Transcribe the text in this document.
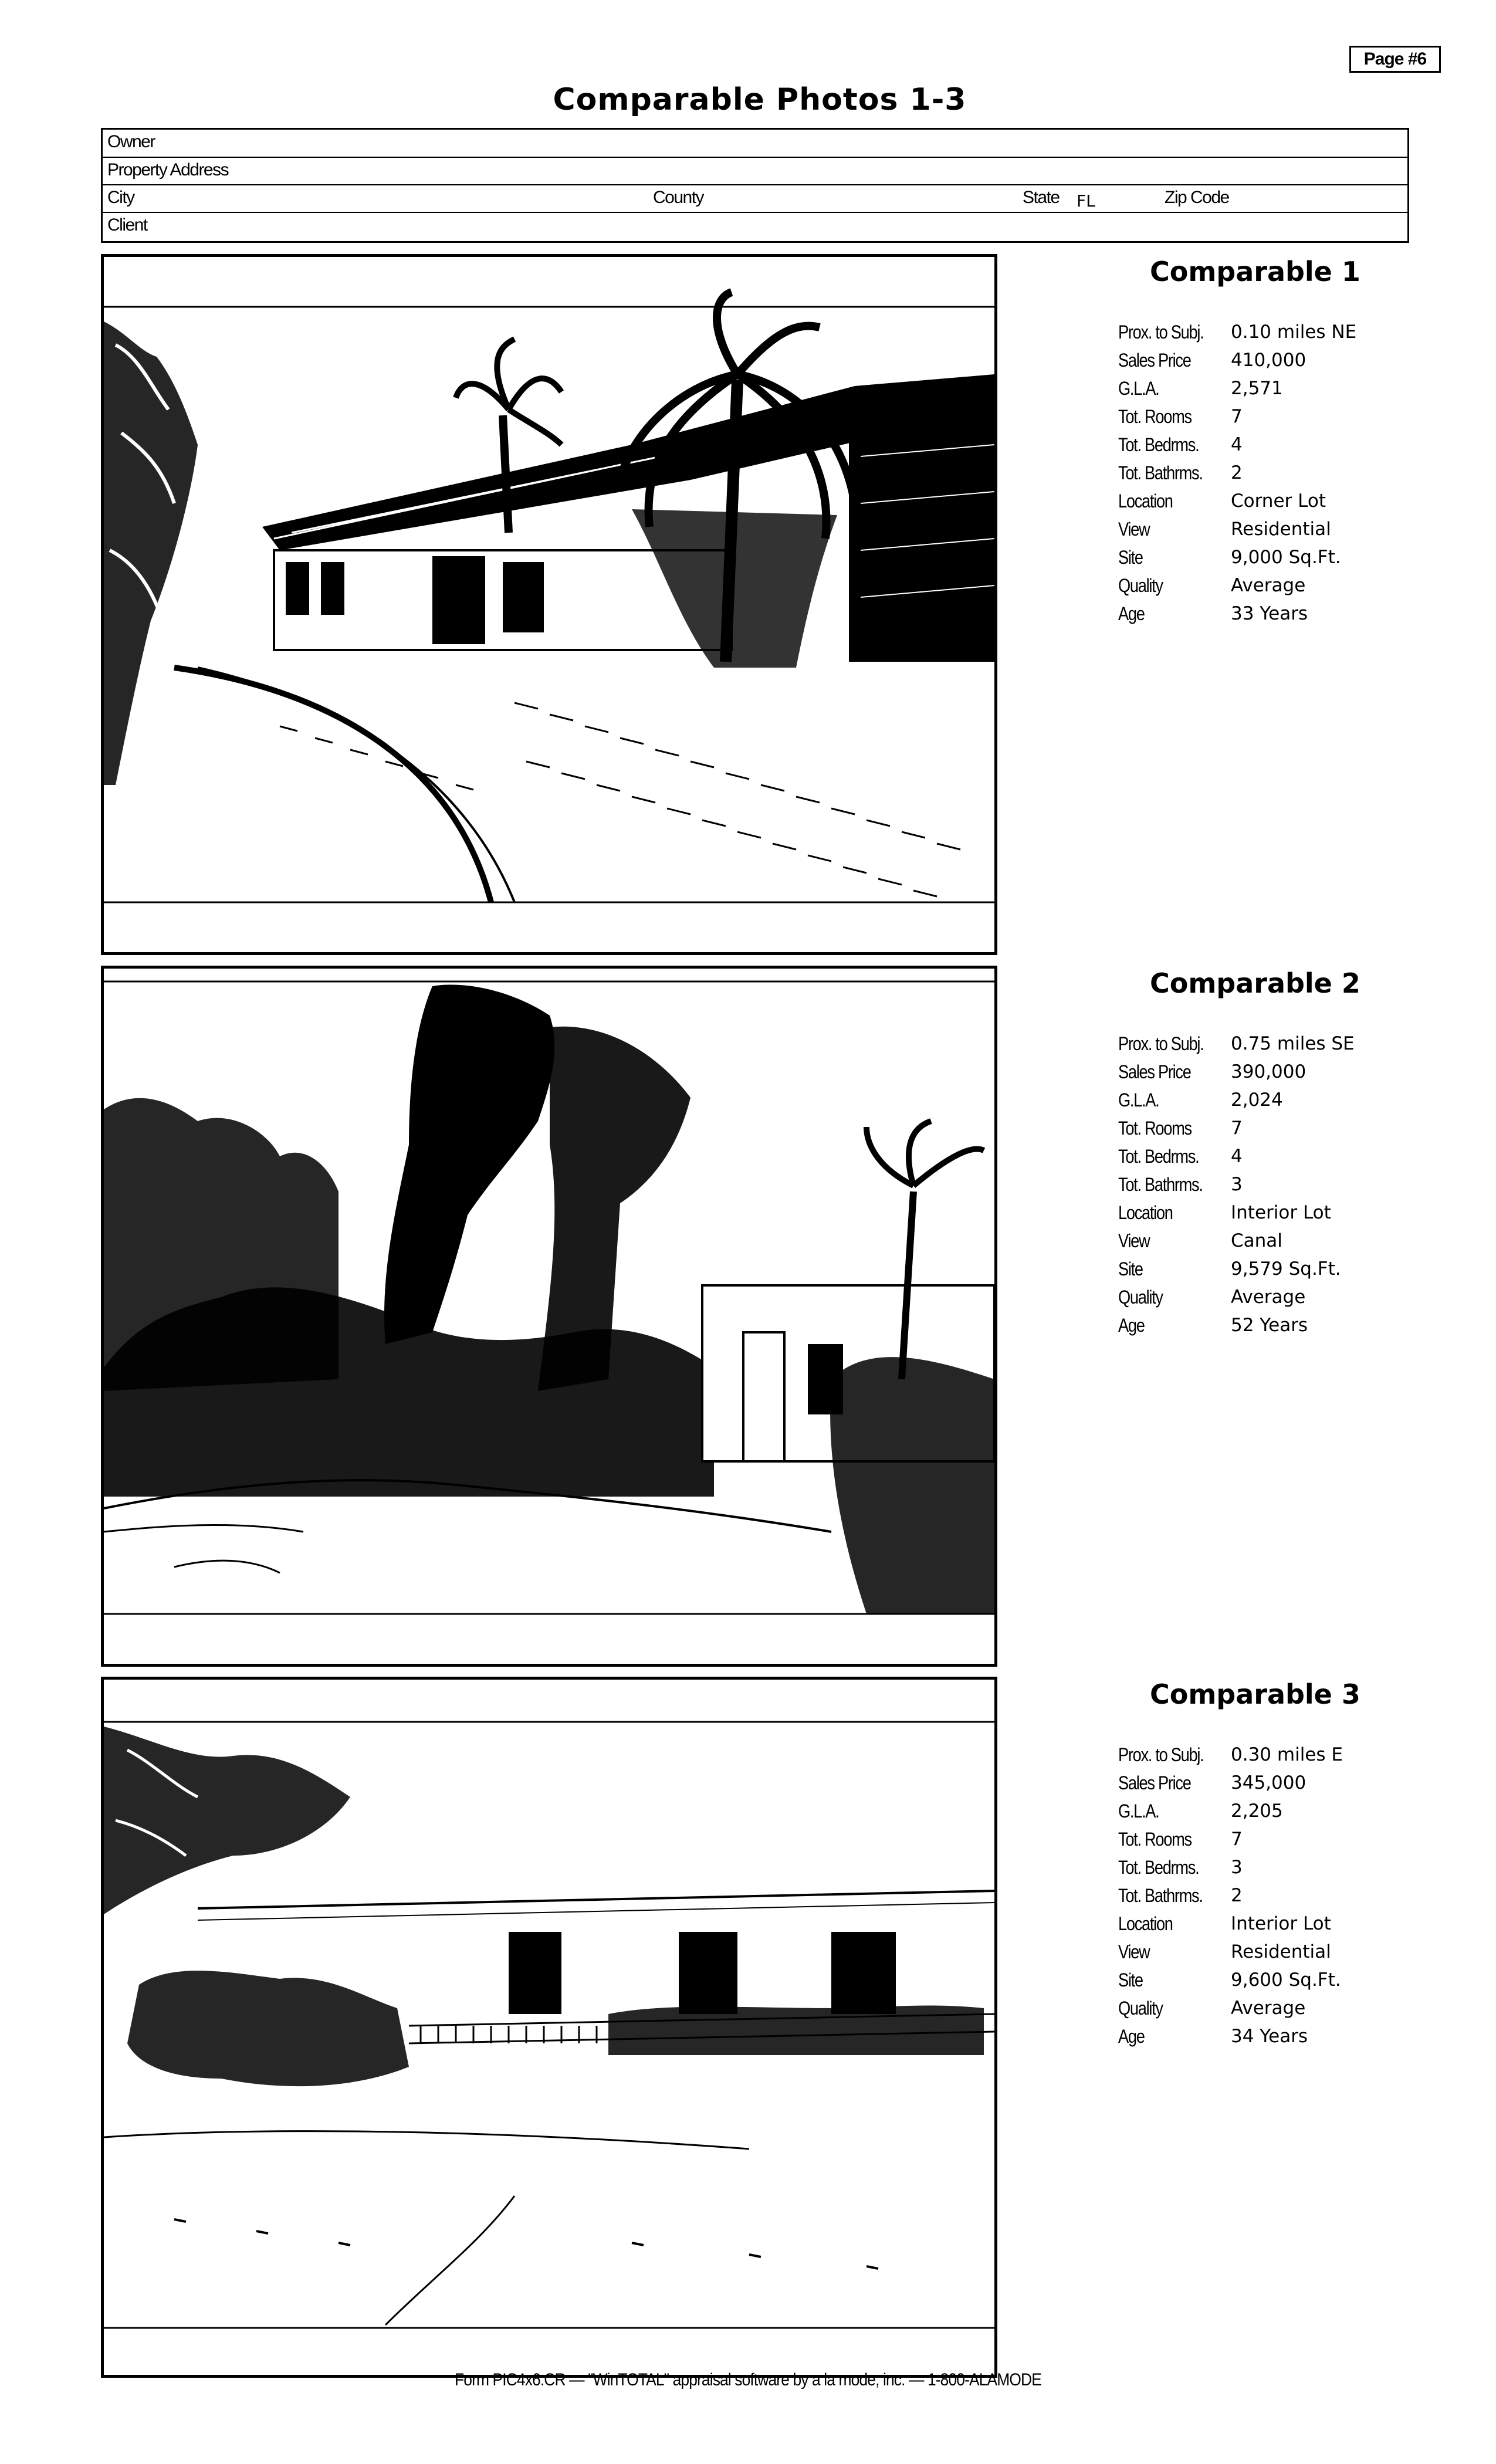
Page #6
Comparable Photos 1-3
Owner
Property Address
City	County	State FL	Zip Code
Client
Comparable 1
Prox. to Subj. 0.10 miles NE
Sales Price 410,000
G.L.A.	2,571
Tot. Rooms 7
Tot. Bedrms. 4
Tot. Bathrms. 2
Location	Corner Lot
View	Residential
Site	9,000 Sq.Ft.
Quality	Average
Age	33 Years
Comparable 2
Prox. to Subj. 0.75 miles SE
Sales Price 390,000
G.L.A.	2,024
Tot. Rooms 7
Tot. Bedrms. 4
Tot. Bathrms. 3
Location	Interior Lot
View	Canal
Site	9,579 Sq.Ft.
Quality	Average
Age	52 Years
Comparable 3
Prox. to Subj. 0.30 miles E
Sales Price 345,000
G.L.A.	2,205
Tot. Rooms 7
Tot. Bedrms. 3
Tot. Bathrms. 2
Location	Interior Lot
View	Residential
Site	9,600 Sq.Ft.
Quality	Average
Age	34 Years
Form PIC4x6.CR — "WinTOTAL" appraisal software by a la mode, inc. — 1-800-ALAMODE
